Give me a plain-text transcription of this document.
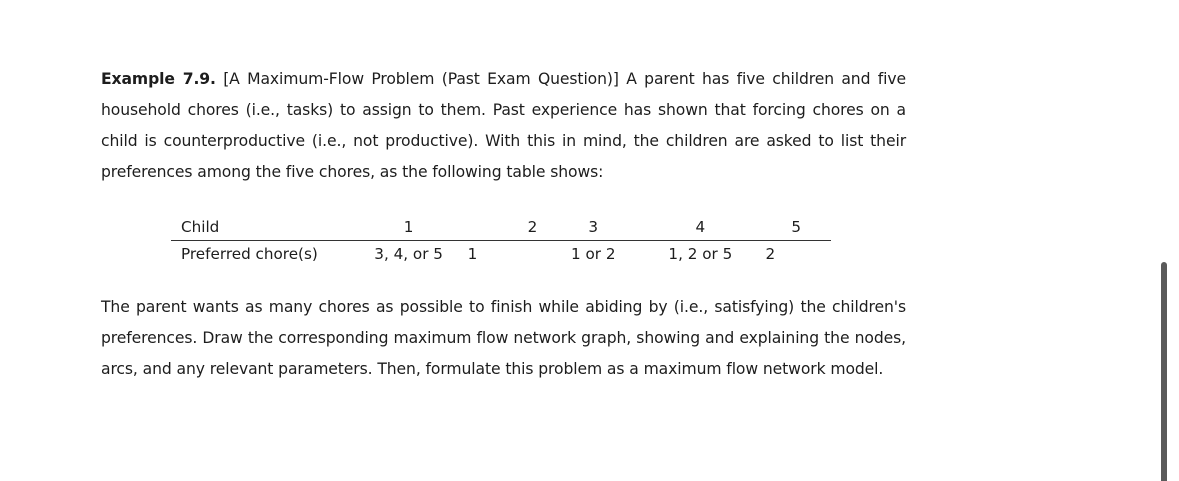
Example 7.9. [A Maximum-Flow Problem (Past Exam Question)] A parent has five children and five household chores (i.e., tasks) to assign to them. Past experience has shown that forcing chores on a child is counterproductive (i.e., not productive). With this in mind, the children are asked to list their preferences among the five chores, as the following table shows:

Child	1	2	3	4	5
Preferred chore(s)	3, 4, or 5	1	1 or 2	1, 2 or 5	2

The parent wants as many chores as possible to finish while abiding by (i.e., satisfying) the children's preferences. Draw the corresponding maximum flow network graph, showing and explaining the nodes, arcs, and any relevant parameters. Then, formulate this problem as a maximum flow network model.
